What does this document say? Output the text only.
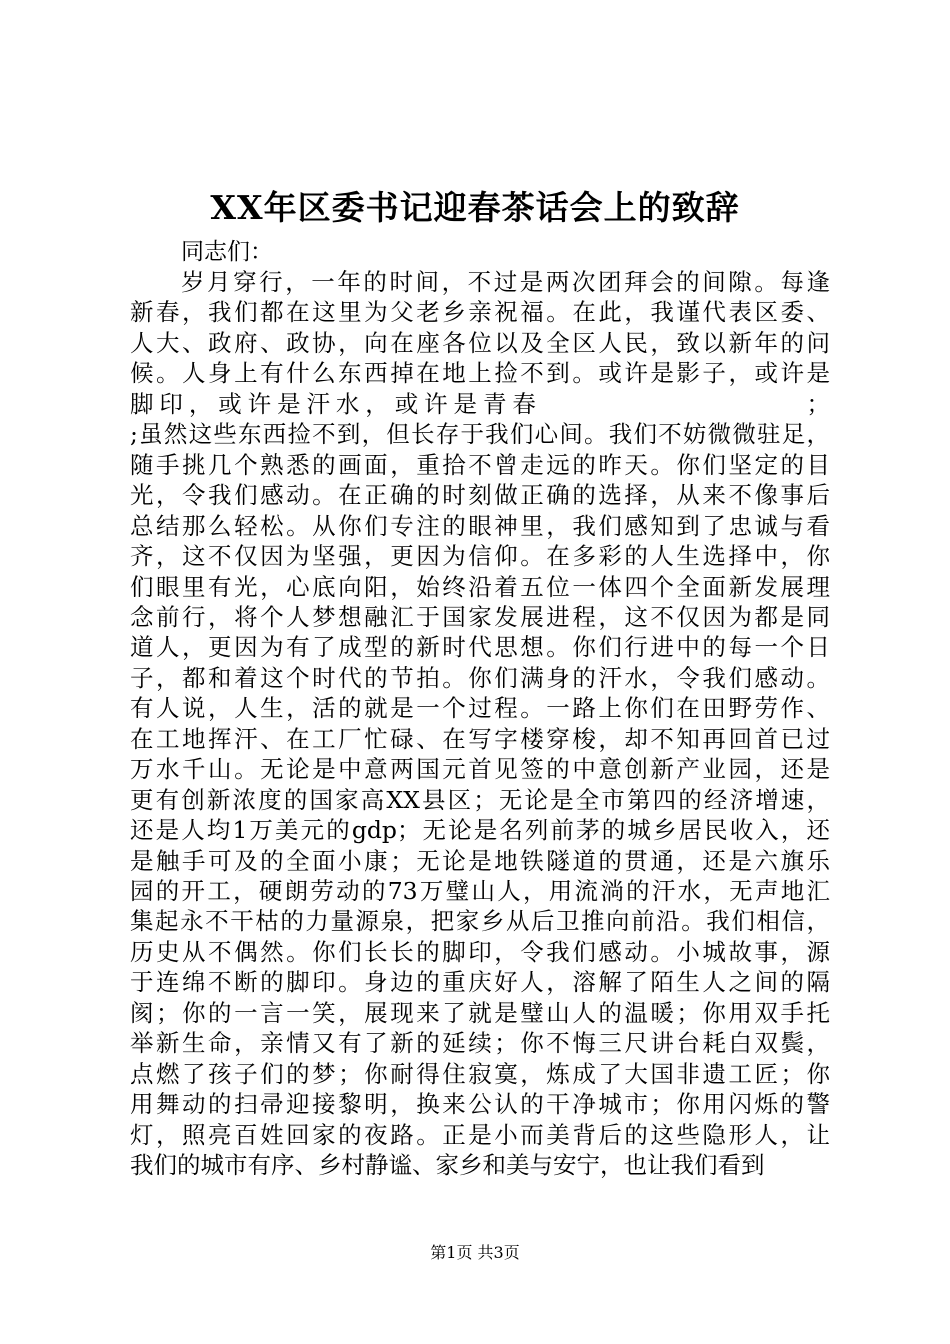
XX年区委书记迎春茶话会上的致辞

同志们：

岁月穿行，一年的时间，不过是两次团拜会的间隙。每逢

新春，我们都在这里为父老乡亲祝福。在此，我谨代表区委、

人大、政府、政协，向在座各位以及全区人民，致以新年的问

候。人身上有什么东西掉在地上捡不到。或许是影子，或许是

脚印，或许是汗水，或许是青春　　　　　　　　　；

;虽然这些东西捡不到，但长存于我们心间。我们不妨微微驻足，

随手挑几个熟悉的画面，重拾不曾走远的昨天。你们坚定的目

光，令我们感动。在正确的时刻做正确的选择，从来不像事后

总结那么轻松。从你们专注的眼神里，我们感知到了忠诚与看

齐，这不仅因为坚强，更因为信仰。在多彩的人生选择中，你

们眼里有光，心底向阳，始终沿着五位一体四个全面新发展理

念前行，将个人梦想融汇于国家发展进程，这不仅因为都是同

道人，更因为有了成型的新时代思想。你们行进中的每一个日

子，都和着这个时代的节拍。你们满身的汗水，令我们感动。

有人说，人生，活的就是一个过程。一路上你们在田野劳作、

在工地挥汗、在工厂忙碌、在写字楼穿梭，却不知再回首已过

万水千山。无论是中意两国元首见签的中意创新产业园，还是

更有创新浓度的国家高XX县区；无论是全市第四的经济增速，

还是人均1万美元的gdp；无论是名列前茅的城乡居民收入，还

是触手可及的全面小康；无论是地铁隧道的贯通，还是六旗乐

园的开工，硬朗劳动的73万璧山人，用流淌的汗水，无声地汇

集起永不干枯的力量源泉，把家乡从后卫推向前沿。我们相信，

历史从不偶然。你们长长的脚印，令我们感动。小城故事，源

于连绵不断的脚印。身边的重庆好人，溶解了陌生人之间的隔

阂；你的一言一笑，展现来了就是璧山人的温暖；你用双手托

举新生命，亲情又有了新的延续；你不悔三尺讲台耗白双鬓，

点燃了孩子们的梦；你耐得住寂寞，炼成了大国非遗工匠；你

用舞动的扫帚迎接黎明，换来公认的干净城市；你用闪烁的警

灯，照亮百姓回家的夜路。正是小而美背后的这些隐形人，让

我们的城市有序、乡村静谧、家乡和美与安宁，也让我们看到

第1页 共3页
